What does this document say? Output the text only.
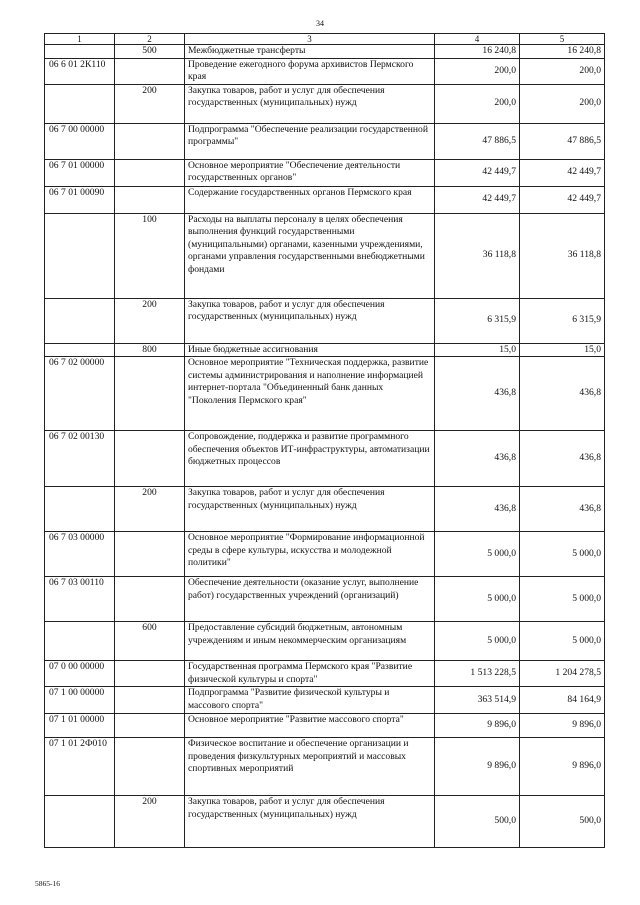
34
1	2	3	4	5
	500	Межбюджетные трансферты	16 240,8	16 240,8
06 6 01 2К110		Проведение ежегодного форума архивистов Пермского края	200,0	200,0
	200	Закупка товаров, работ и услуг для обеспечения государственных (муниципальных) нужд	200,0	200,0
06 7 00 00000		Подпрограмма "Обеспечение реализации государственной программы"	47 886,5	47 886,5
06 7 01 00000		Основное мероприятие "Обеспечение деятельности государственных органов"	42 449,7	42 449,7
06 7 01 00090		Содержание государственных органов Пермского края	42 449,7	42 449,7
	100	Расходы на выплаты персоналу в целях обеспечения выполнения функций государственными (муниципальными) органами, казенными учреждениями, органами управления государственными внебюджетными фондами	36 118,8	36 118,8
	200	Закупка товаров, работ и услуг для обеспечения государственных (муниципальных) нужд	6 315,9	6 315,9
	800	Иные бюджетные ассигнования	15,0	15,0
06 7 02 00000		Основное мероприятие "Техническая поддержка, развитие системы администрирования и наполнение информацией интернет-портала "Объединенный банк данных "Поколения Пермского края"	436,8	436,8
06 7 02 00130		Сопровождение, поддержка и развитие программного обеспечения объектов ИТ-инфраструктуры, автоматизации бюджетных процессов	436,8	436,8
	200	Закупка товаров, работ и услуг для обеспечения государственных (муниципальных) нужд	436,8	436,8
06 7 03 00000		Основное мероприятие "Формирование информационной среды в сфере культуры, искусства и молодежной политики"	5 000,0	5 000,0
06 7 03 00110		Обеспечение деятельности (оказание услуг, выполнение работ) государственных учреждений (организаций)	5 000,0	5 000,0
	600	Предоставление субсидий бюджетным, автономным учреждениям и иным некоммерческим организациям	5 000,0	5 000,0
07 0 00 00000		Государственная программа Пермского края "Развитие физической культуры и спорта"	1 513 228,5	1 204 278,5
07 1 00 00000		Подпрограмма "Развитие физической культуры и массового спорта"	363 514,9	84 164,9
07 1 01 00000		Основное мероприятие "Развитие массового спорта"	9 896,0	9 896,0
07 1 01 2Ф010		Физическое воспитание и обеспечение организации и проведения физкультурных мероприятий и массовых спортивных мероприятий	9 896,0	9 896,0
	200	Закупка товаров, работ и услуг для обеспечения государственных (муниципальных) нужд	500,0	500,0
5865-16
